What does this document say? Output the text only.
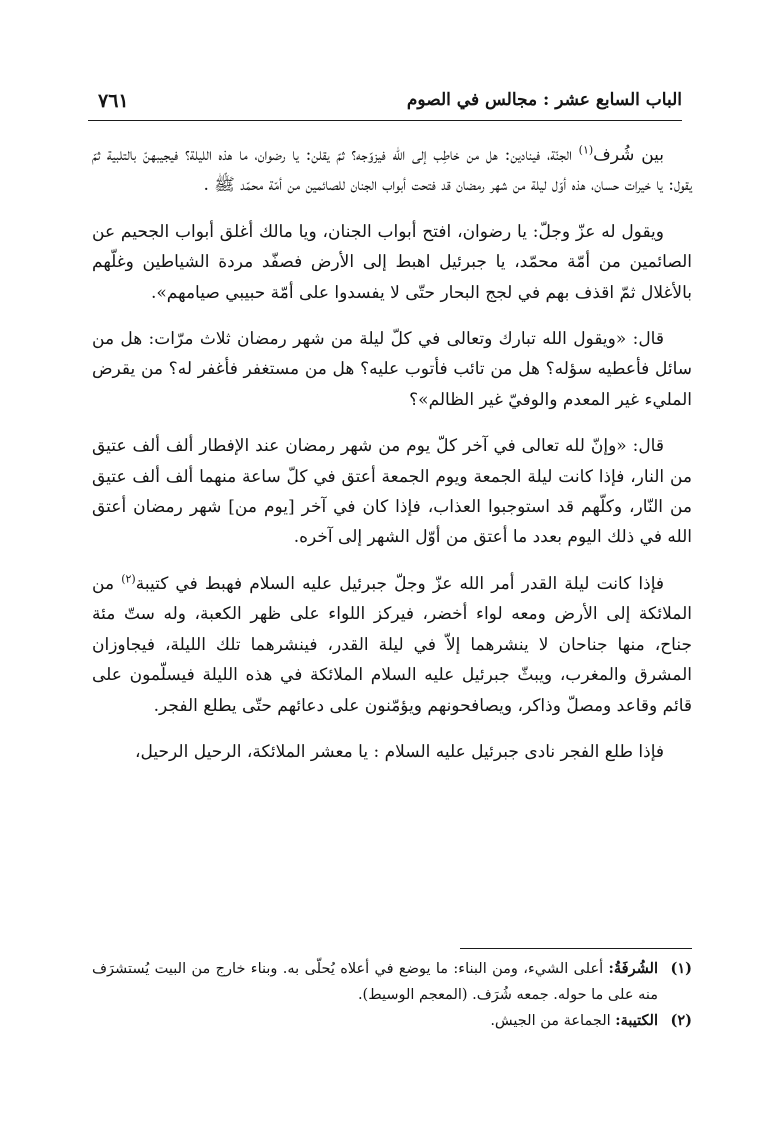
٧٦١	الباب السابع عشر : مجالس في الصوم

بين شُرف$^{(١)}$ الجنّة، فينادين: هل من خاطِب إلى الله فيزوّجه؟ ثمّ يقلن: يا رضوان، ما هذه الليلة؟ فيجيبهنّ بالتلبية ثمّ يقول: يا خيرات حسان، هذه أوّل ليلة من شهر رمضان قد فتحت أبواب الجنان للصائمين من أمّة محمّد ﷺ .

ويقول له عزّ وجلّ: يا رضوان، افتح أبواب الجنان، ويا مالك أغلق أبواب الجحيم عن الصائمين من أمّة محمّد، يا جبرئيل اهبط إلى الأرض فصفّد مردة الشياطين وغلّهم بالأغلال ثمّ اقذف بهم في لجج البحار حتّى لا يفسدوا على أمّة حبيبي صيامهم».

قال: «ويقول الله تبارك وتعالى في كلّ ليلة من شهر رمضان ثلاث مرّات: هل من سائل فأعطيه سؤله؟ هل من تائب فأتوب عليه؟ هل من مستغفر فأغفر له؟ من يقرض المليء غير المعدم والوفيّ غير الظالم»؟

قال: «وإنّ لله تعالى في آخر كلّ يوم من شهر رمضان عند الإفطار ألف ألف عتيق من النار، فإذا كانت ليلة الجمعة ويوم الجمعة أعتق في كلّ ساعة منهما ألف ألف عتيق من النّار، وكلّهم قد استوجبوا العذاب، فإذا كان في آخر [يوم من] شهر رمضان أعتق الله في ذلك اليوم بعدد ما أعتق من أوّل الشهر إلى آخره.

فإذا كانت ليلة القدر أمر الله عزّ وجلّ جبرئيل عليه السلام فهبط في كتيبة$^{(٢)}$ من الملائكة إلى الأرض ومعه لواء أخضر، فيركز اللواء على ظهر الكعبة، وله ستّ مئة جناح، منها جناحان لا ينشرهما إلاّ في ليلة القدر، فينشرهما تلك الليلة، فيجاوزان المشرق والمغرب، ويبثّ جبرئيل عليه السلام الملائكة في هذه الليلة فيسلّمون على قائم وقاعد ومصلّ وذاكر، ويصافحونهم ويؤمّنون على دعائهم حتّى يطلع الفجر.

فإذا طلع الفجر نادى جبرئيل عليه السلام : يا معشر الملائكة، الرحيل الرحيل،

(١)
الشُرفَةُ: أعلى الشيء، ومن البناء: ما يوضع في أعلاه يُحلّى به. وبناء خارج من البيت يُستشرَف منه على ما حوله. جمعه شُرَف. (المعجم الوسيط).
(٢)
الكتيبة: الجماعة من الجيش.
